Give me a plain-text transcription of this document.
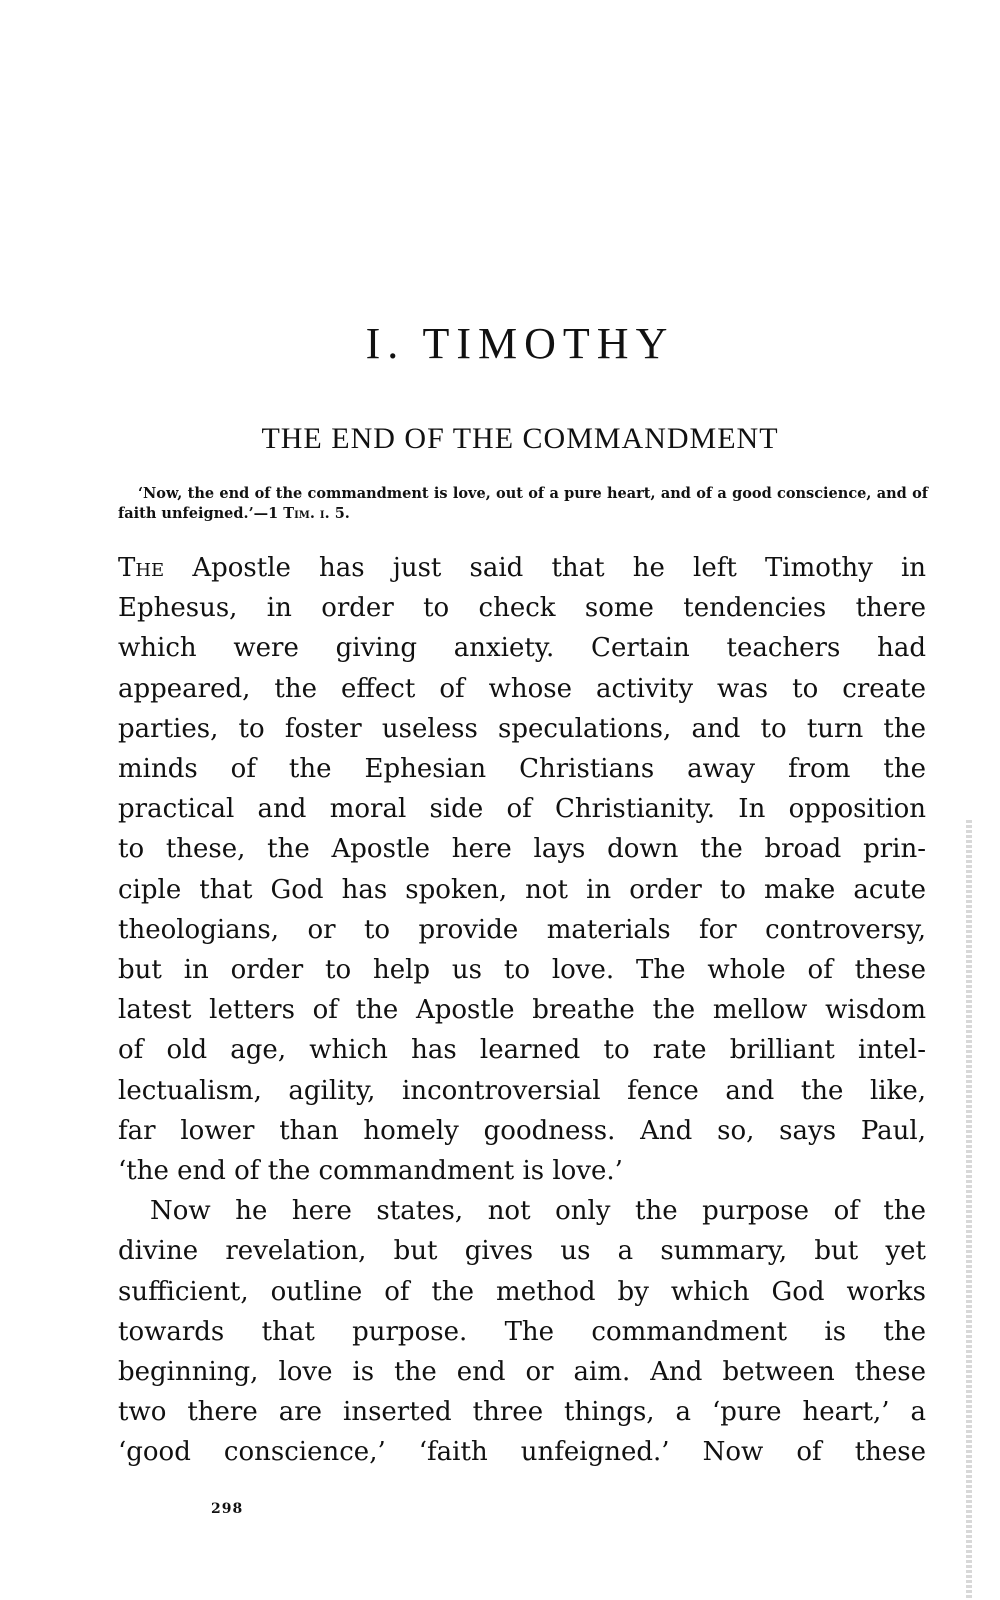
I. TIMOTHY
THE END OF THE COMMANDMENT

‘Now, the end of the commandment is love, out of a pure heart, and of a good conscience, and of faith unfeigned.’—1 Tim. i. 5.

The Apostle has just said that he left Timothy in
Ephesus, in order to check some tendencies there
which were giving anxiety. Certain teachers had
appeared, the effect of whose activity was to create
parties, to foster useless speculations, and to turn the
minds of the Ephesian Christians away from the
practical and moral side of Christianity. In opposition
to these, the Apostle here lays down the broad prin-
ciple that God has spoken, not in order to make acute
theologians, or to provide materials for controversy,
but in order to help us to love. The whole of these
latest letters of the Apostle breathe the mellow wisdom
of old age, which has learned to rate brilliant intel-
lectualism, agility, incontroversial fence and the like,
far lower than homely goodness. And so, says Paul,
‘the end of the commandment is love.’

Now he here states, not only the purpose of the
divine revelation, but gives us a summary, but yet
sufficient, outline of the method by which God works
towards that purpose. The commandment is the
beginning, love is the end or aim. And between these
two there are inserted three things, a ‘pure heart,’ a
‘good conscience,’ ‘faith unfeigned.’ Now of these

298
